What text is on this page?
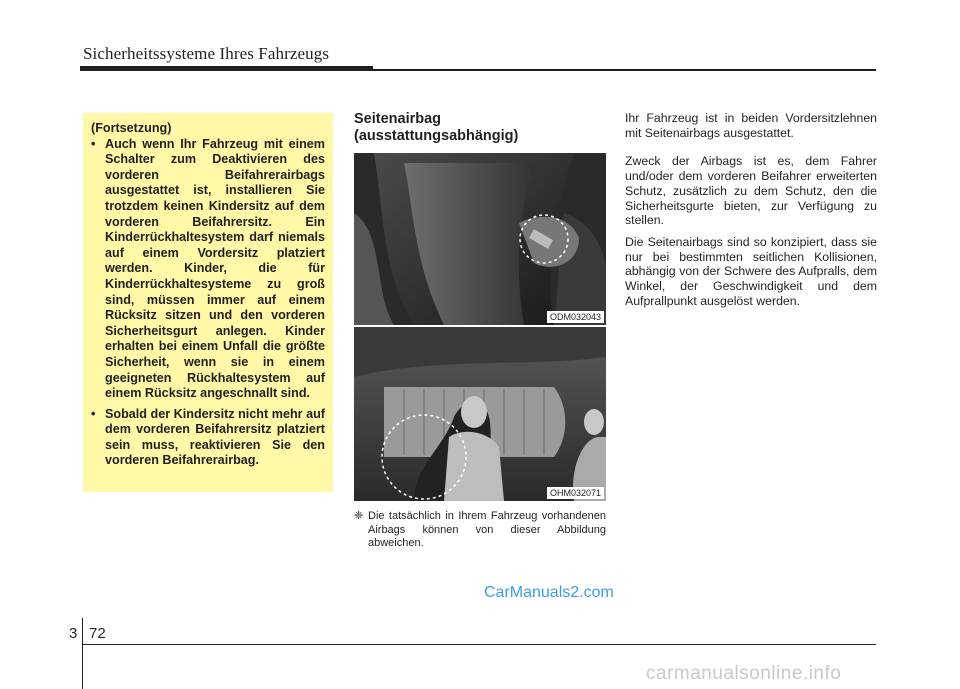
Sicherheitssysteme Ihres Fahrzeugs
(Fortsetzung)
• Auch wenn Ihr Fahrzeug mit einem Schalter zum Deaktivieren des vorderen Beifahrerairbags ausgestattet ist, installieren Sie trotzdem keinen Kindersitz auf dem vorderen Beifahrersitz. Ein Kinderrückhaltesystem darf niemals auf einem Vordersitz platziert werden. Kinder, die für Kinderrückhaltesysteme zu groß sind, müssen immer auf einem Rücksitz sitzen und den vorderen Sicherheitsgurt anlegen. Kinder erhalten bei einem Unfall die größte Sicherheit, wenn sie in einem geeigneten Rückhaltesystem auf einem Rücksitz angeschnallt sind.
• Sobald der Kindersitz nicht mehr auf dem vorderen Beifahrersitz platziert sein muss, reaktivieren Sie den vorderen Beifahrerairbag.
Seitenairbag
(ausstattungsabhängig)
ODM032043
OHM032071
❈ Die tatsächlich in Ihrem Fahrzeug vorhandenen Airbags können von dieser Abbildung abweichen.

Ihr Fahrzeug ist in beiden Vordersitzlehnen mit Seitenairbags ausgestattet.

Zweck der Airbags ist es, dem Fahrer und/oder dem vorderen Beifahrer erweiterten Schutz, zusätzlich zu dem Schutz, den die Sicherheitsgurte bieten, zur Verfügung zu stellen.

Die Seitenairbags sind so konzipiert, dass sie nur bei bestimmten seitlichen Kollisionen, abhängig von der Schwere des Aufpralls, dem Winkel, der Geschwindigkeit und dem Aufprallpunkt ausgelöst werden.

CarManuals2.com
3 72
carmanualsonline.info
